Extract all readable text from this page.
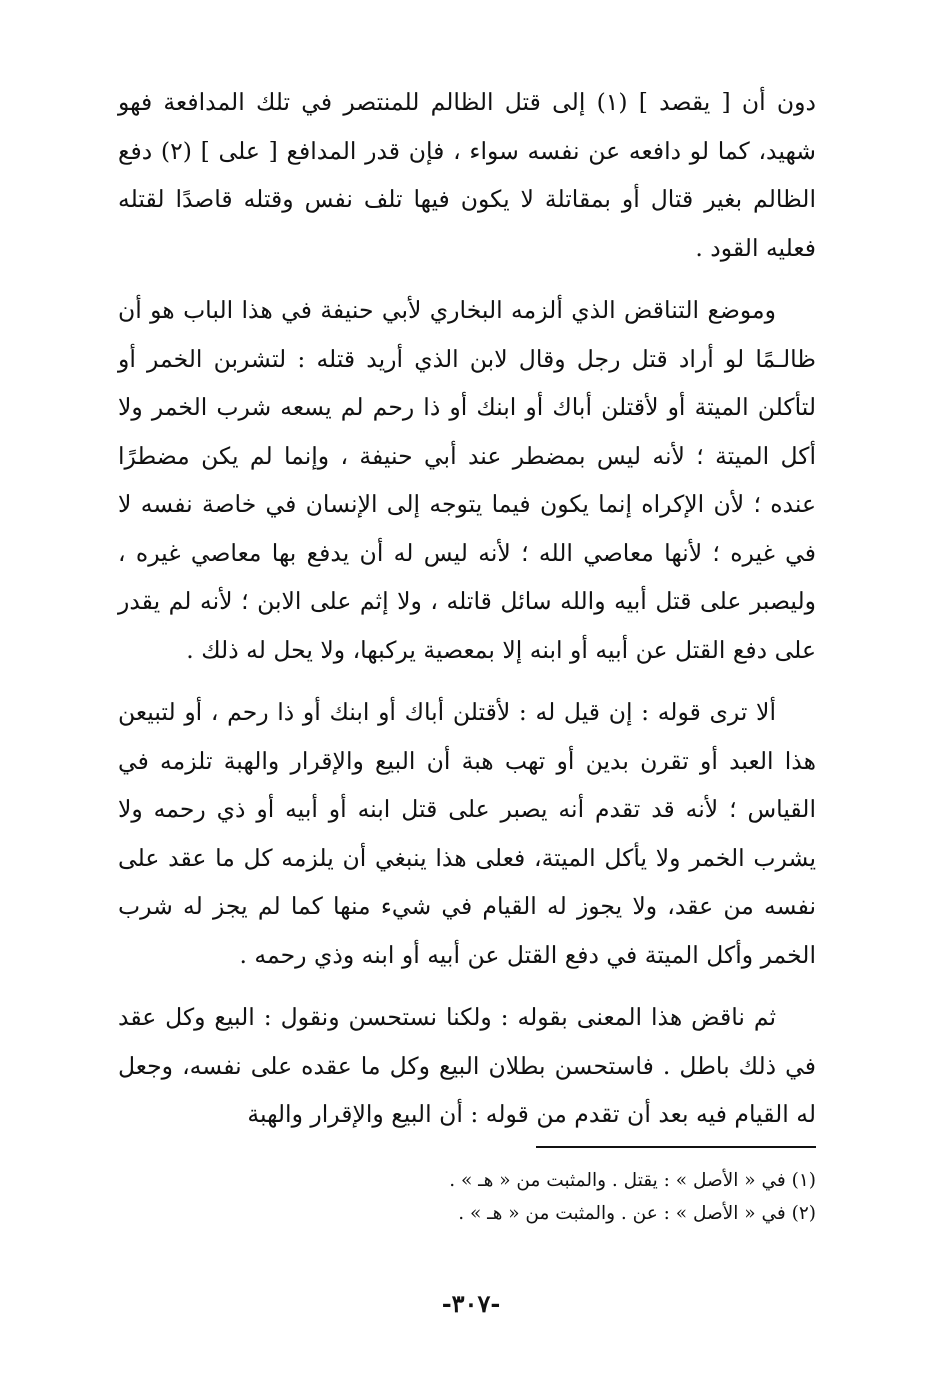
دون أن [ يقصد ] (١) إلى قتل الظالم للمنتصر في تلك المدافعة فهو شهيد، كما لو دافعه عن نفسه سواء ، فإن قدر المدافع [ على ] (٢) دفع الظالم بغير قتال أو بمقاتلة لا يكون فيها تلف نفس وقتله قاصدًا لقتله فعليه القود .

وموضع التناقض الذي ألزمه البخاري لأبي حنيفة في هذا الباب هو أن ظالـمًا لو أراد قتل رجل وقال لابن الذي أريد قتله : لتشربن الخمر أو لتأكلن الميتة أو لأقتلن أباك أو ابنك أو ذا رحم لم يسعه شرب الخمر ولا أكل الميتة ؛ لأنه ليس بمضطر عند أبي حنيفة ، وإنما لم يكن مضطرًا عنده ؛ لأن الإكراه إنما يكون فيما يتوجه إلى الإنسان في خاصة نفسه لا في غيره ؛ لأنها معاصي الله ؛ لأنه ليس له أن يدفع بها معاصي غيره ، وليصبر على قتل أبيه والله سائل قاتله ، ولا إثم على الابن ؛ لأنه لم يقدر على دفع القتل عن أبيه أو ابنه إلا بمعصية يركبها، ولا يحل له ذلك .

ألا ترى قوله : إن قيل له : لأقتلن أباك أو ابنك أو ذا رحم ، أو لتبيعن هذا العبد أو تقرن بدين أو تهب هبة أن البيع والإقرار والهبة تلزمه في القياس ؛ لأنه قد تقدم أنه يصبر على قتل ابنه أو أبيه أو ذي رحمه ولا يشرب الخمر ولا يأكل الميتة، فعلى هذا ينبغي أن يلزمه كل ما عقد على نفسه من عقد، ولا يجوز له القيام في شيء منها كما لم يجز له شرب الخمر وأكل الميتة في دفع القتل عن أبيه أو ابنه وذي رحمه .

ثم ناقض هذا المعنى بقوله : ولكنا نستحسن ونقول : البيع وكل عقد في ذلك باطل . فاستحسن بطلان البيع وكل ما عقده على نفسه، وجعل له القيام فيه بعد أن تقدم من قوله : أن البيع والإقرار والهبة

(١) في « الأصل » : يقتل . والمثبت من « هـ » .

(٢) في « الأصل » : عن . والمثبت من « هـ » .

-٣٠٧-
